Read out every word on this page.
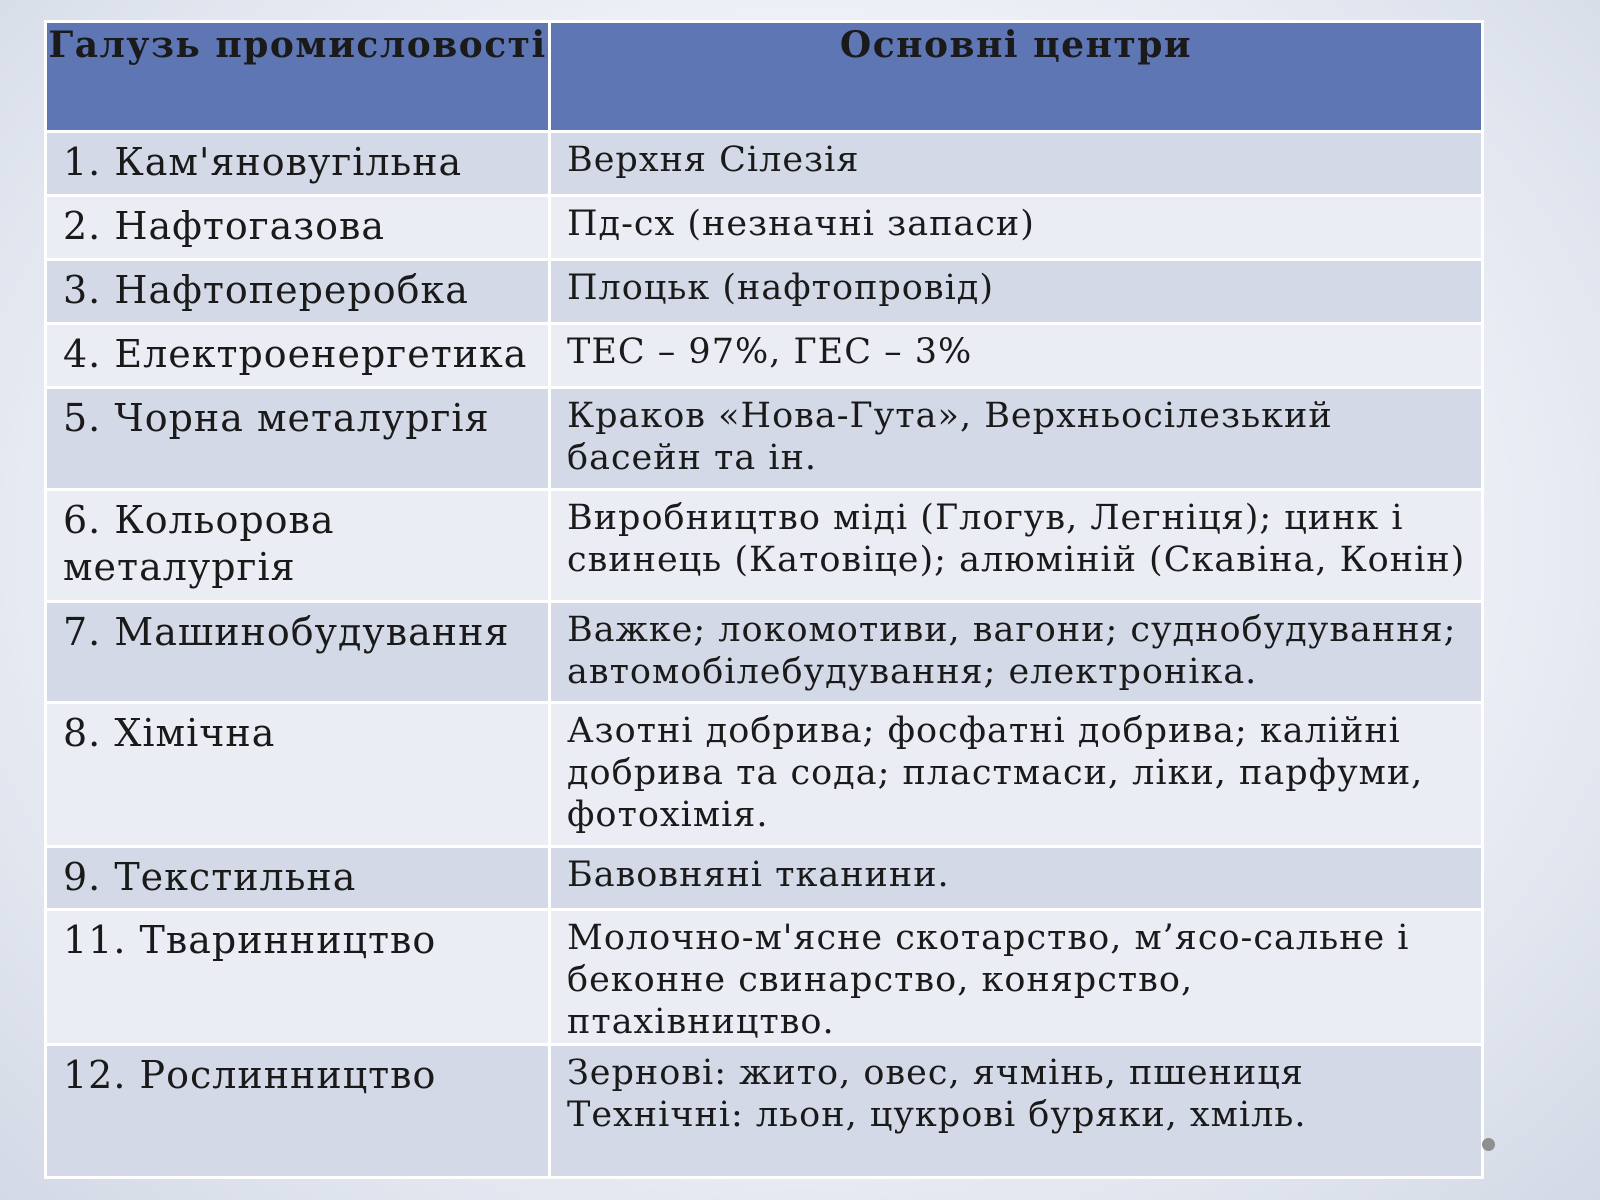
Галузь промисловості	Основні центри
1. Кам'яновугільна	Верхня Сілезія
2. Нафтогазова	Пд-сх (незначні запаси)
3. Нафтопереробка	Плоцьк (нафтопровід)
4. Електроенергетика	ТЕС – 97%, ГЕС – 3%
5. Чорна металургія	Краков «Нова-Гута», Верхньосілезький басейн та ін.
6. Кольорова металургія	Виробництво міді (Глогув, Легніця); цинк і свинець (Катовіце); алюміній (Скавіна, Конін)
7. Машинобудування	Важке; локомотиви, вагони; суднобудування; автомобілебудування; електроніка.
8. Хімічна	Азотні добрива; фосфатні добрива; калійні добрива та сода; пластмаси, ліки, парфуми, фотохімія.
9. Текстильна	Бавовняні тканини.
11. Тваринництво	Молочно-м'ясне скотарство, м’ясо-сальне і беконне свинарство, конярство, птахівництво.
12. Рослинництво	Зернові: жито, овес, ячмінь, пшениця
Технічні: льон, цукрові буряки, хміль.
